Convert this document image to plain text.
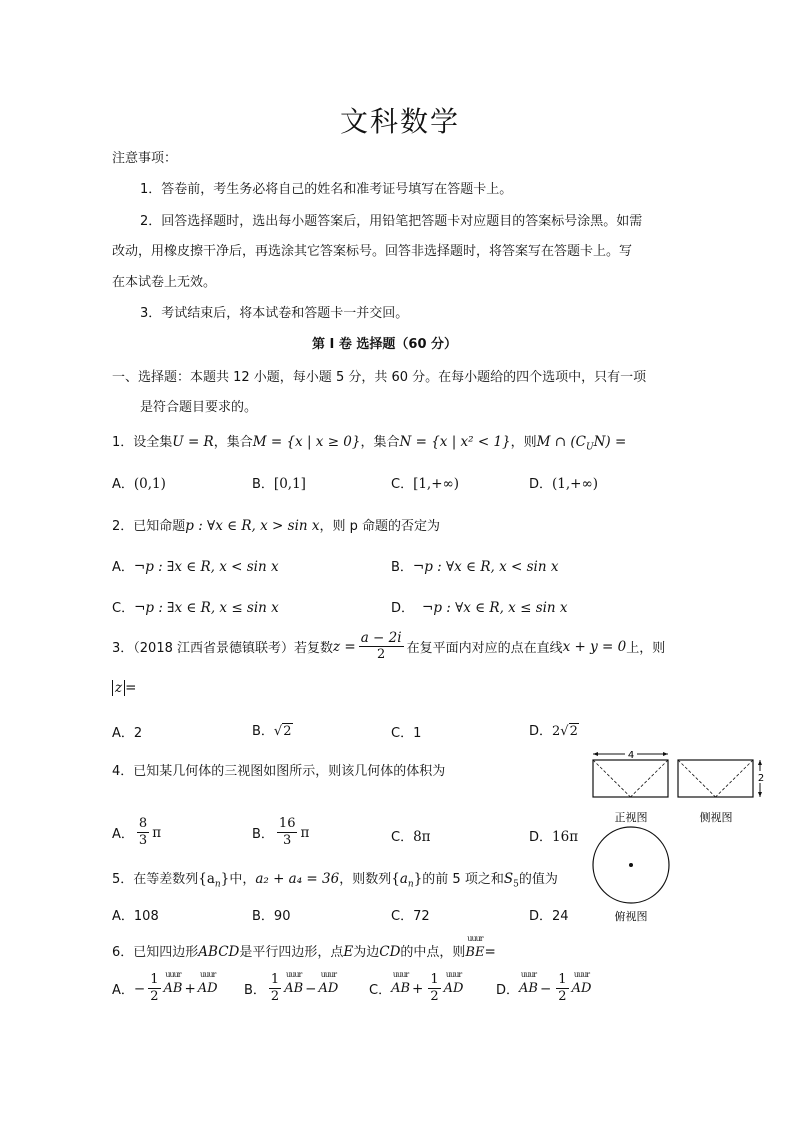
文科数学
注意事项：
1．答卷前，考生务必将自己的姓名和准考证号填写在答题卡上。
2．回答选择题时，选出每小题答案后，用铅笔把答题卡对应题目的答案标号涂黑。如需
改动，用橡皮擦干净后，再选涂其它答案标号。回答非选择题时，将答案写在答题卡上。写
在本试卷上无效。
3．考试结束后，将本试卷和答题卡一并交回。
第 I 卷 选择题（60 分）
一、选择题：本题共 12 小题，每小题 5 分，共 60 分。在每小题给的四个选项中，只有一项
是符合题目要求的。
1．设全集U = R，集合M = {x | x ≥ 0}，集合N = {x | x² < 1}，则M ∩ $(C_UN)$ =
A．(0,1)	B．[0,1]	C．[1,+∞)	D．(1,+∞)
2．已知命题p : ∀x ∈ R, x > sin x，则 p 命题的否定为
A．¬p : ∃x ∈ R, x < sin x	B．¬p : ∀x ∈ R, x < sin x
C．¬p : ∃x ∈ R, x ≤ sin x	D． ¬p : ∀x ∈ R, x ≤ sin x
3．（2018 江西省景德镇联考）若复数 $z = \frac{a - 2i}{2}$ 在复平面内对应的点在直线 x + y = 0 上，则
z =
A．2	B．√2	C．1	D．2√2
4．已知某几何体的三视图如图所示，则该几何体的体积为
A． $\frac{8}{3}$ π	B． $\frac{16}{3}$ π	C．8π	D．16π
4
2
正视图	侧视图
俯视图
5．在等差数列$\{a_n\}$中，a₂ + a₄ = 36，则数列$\{a_n\}$的前 5 项之和$S_5$的值为
A．108	B．90	C．72	D．24
6．已知四边形ABCD是平行四边形，点E为边CD的中点，则
uuur
BE=
A． − $\frac{1}{2}$ uuur
AB +
uuur
AD B． $\frac{1}{2}$ uuur
AB −
uuur
AD C．
uuur
AB + $\frac{1}{2}$ uuur
AD	D．
uuur
AB − $\frac{1}{2}$ uuur
AD
